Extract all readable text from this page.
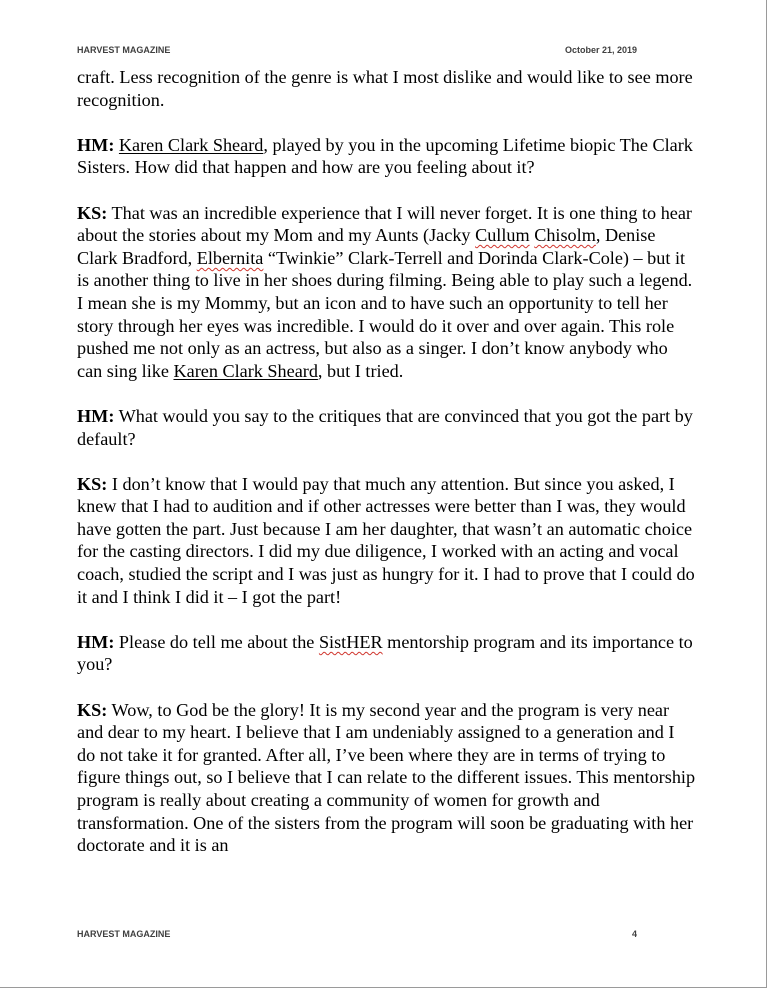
HARVEST MAGAZINE	October 21, 2019

craft. Less recognition of the genre is what I most dislike and would like to see more recognition.

HM: Karen Clark Sheard, played by you in the upcoming Lifetime biopic The Clark Sisters. How did that happen and how are you feeling about it?

KS: That was an incredible experience that I will never forget. It is one thing to hear about the stories about my Mom and my Aunts (Jacky Cullum Chisolm, Denise Clark Bradford, Elbernita “Twinkie” Clark-Terrell and Dorinda Clark-Cole) – but it is another thing to live in her shoes during filming. Being able to play such a legend. I mean she is my Mommy, but an icon and to have such an opportunity to tell her story through her eyes was incredible. I would do it over and over again. This role pushed me not only as an actress, but also as a singer. I don’t know anybody who can sing like Karen Clark Sheard, but I tried.

HM: What would you say to the critiques that are convinced that you got the part by default?

KS: I don’t know that I would pay that much any attention. But since you asked, I knew that I had to audition and if other actresses were better than I was, they would have gotten the part. Just because I am her daughter, that wasn’t an automatic choice for the casting directors. I did my due diligence, I worked with an acting and vocal coach, studied the script and I was just as hungry for it. I had to prove that I could do it and I think I did it – I got the part!

HM: Please do tell me about the SistHER mentorship program and its importance to you?

KS: Wow, to God be the glory! It is my second year and the program is very near and dear to my heart. I believe that I am undeniably assigned to a generation and I do not take it for granted. After all, I’ve been where they are in terms of trying to figure things out, so I believe that I can relate to the different issues. This mentorship program is really about creating a community of women for growth and transformation. One of the sisters from the program will soon be graduating with her doctorate and it is an

HARVEST MAGAZINE	4
